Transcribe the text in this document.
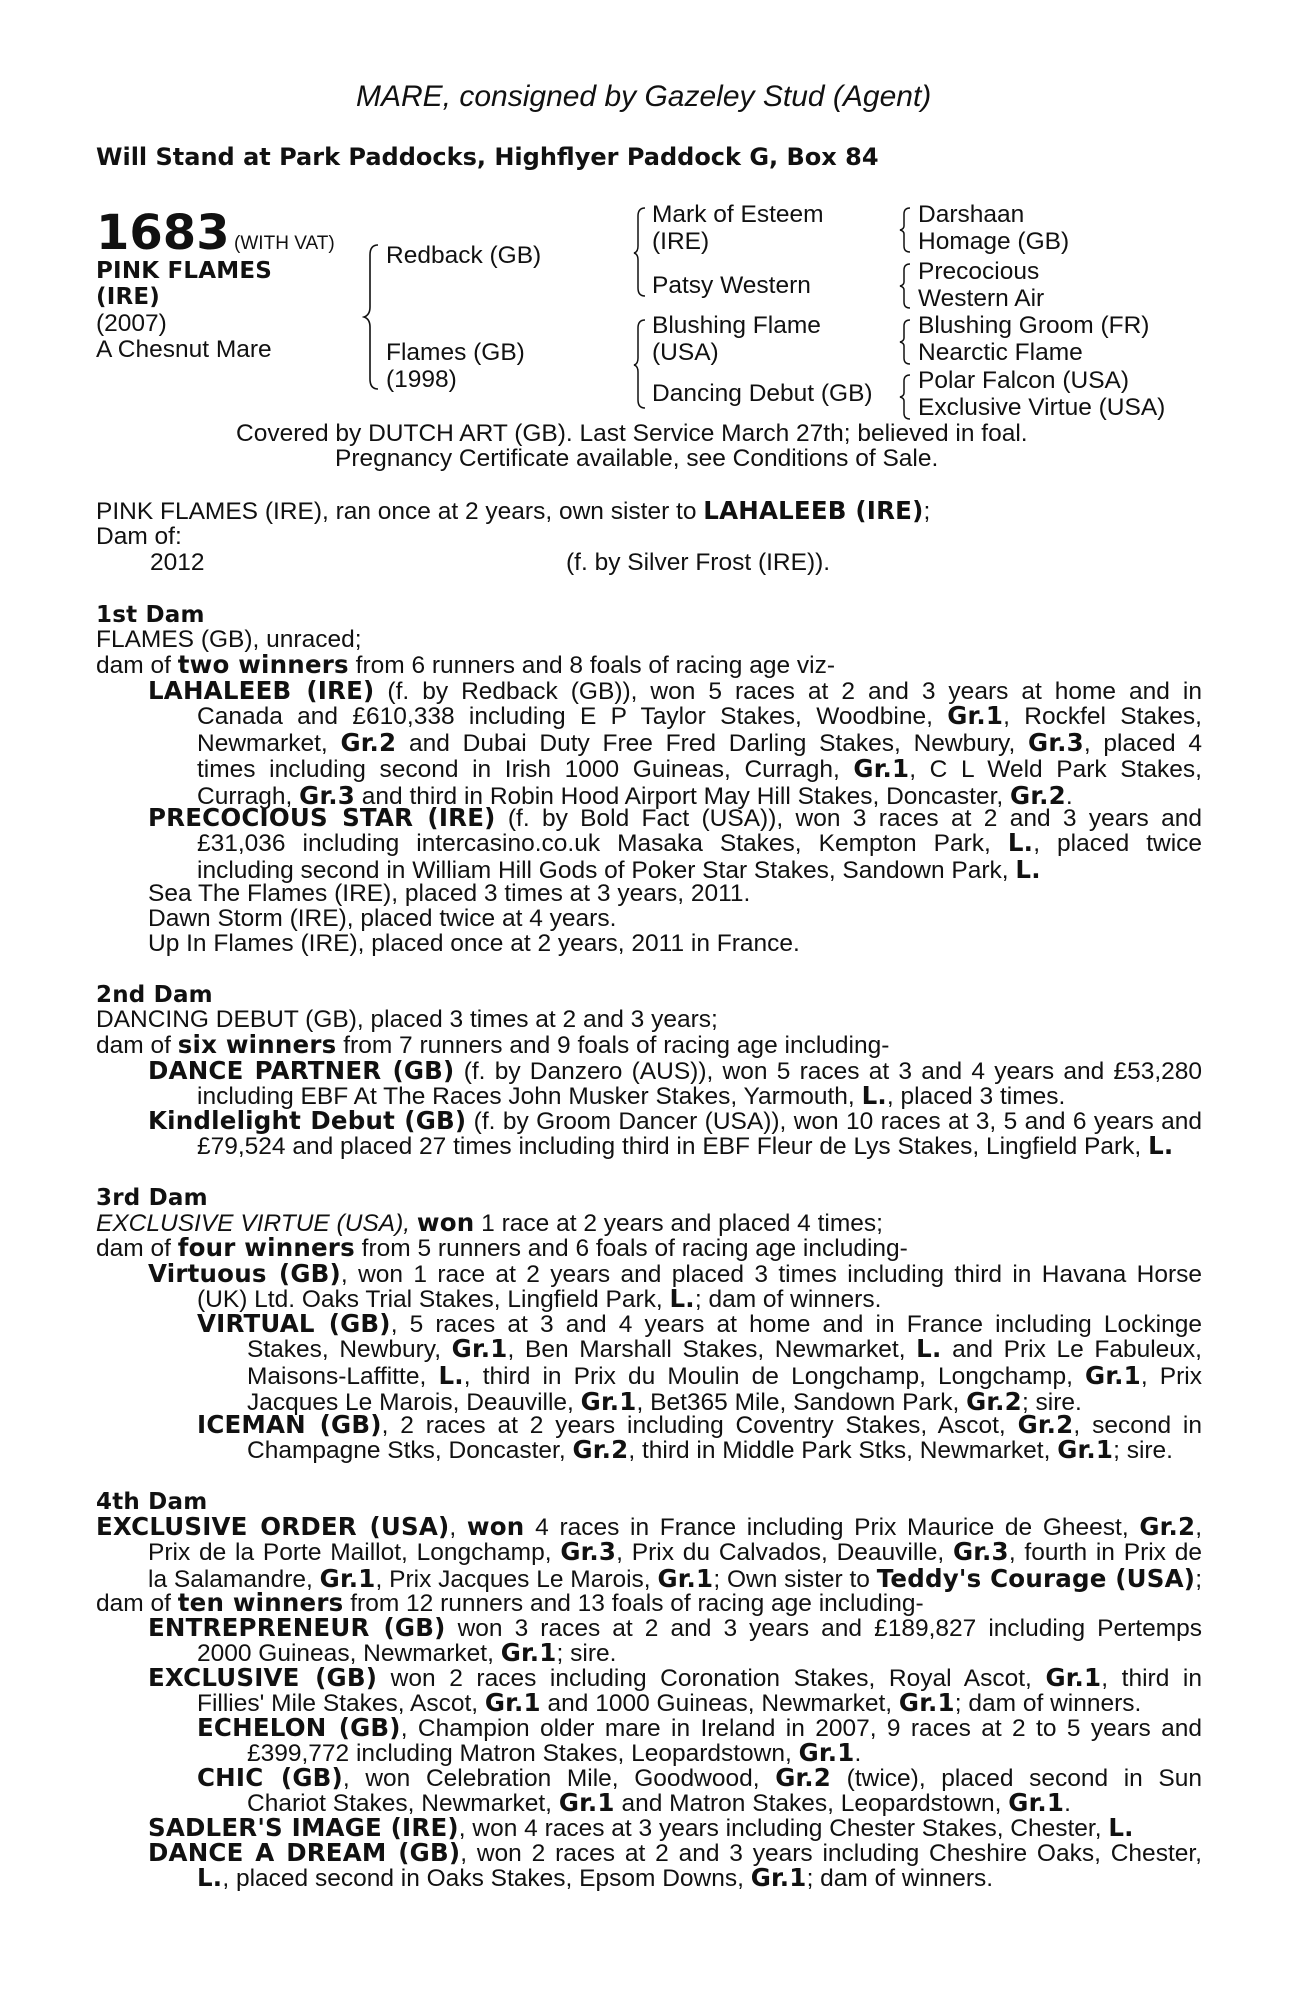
MARE, consigned by Gazeley Stud (Agent)
Will Stand at Park Paddocks, Highflyer Paddock G, Box 84
1683 (WITH VAT)
PINK FLAMES
(IRE)
(2007)
A Chesnut Mare
Redback (GB)
Flames (GB)
(1998)
Mark of Esteem
(IRE)
Patsy Western
Blushing Flame
(USA)
Dancing Debut (GB)
Darshaan
Homage (GB)
Precocious
Western Air
Blushing Groom (FR)
Nearctic Flame
Polar Falcon (USA)
Exclusive Virtue (USA)
Covered by DUTCH ART (GB). Last Service March 27th; believed in foal.
Pregnancy Certificate available, see Conditions of Sale.
PINK FLAMES (IRE), ran once at 2 years, own sister to LAHALEEB (IRE);
Dam of:
2012	(f. by Silver Frost (IRE)).
1st Dam
FLAMES (GB), unraced;
dam of two winners from 6 runners and 8 foals of racing age viz-
LAHALEEB (IRE) (f. by Redback (GB)), won 5 races at 2 and 3 years at home and in
Canada and £610,338 including E P Taylor Stakes, Woodbine, Gr.1, Rockfel Stakes,
Newmarket, Gr.2 and Dubai Duty Free Fred Darling Stakes, Newbury, Gr.3, placed 4
times including second in Irish 1000 Guineas, Curragh, Gr.1, C L Weld Park Stakes,
Curragh, Gr.3 and third in Robin Hood Airport May Hill Stakes, Doncaster, Gr.2.
PRECOCIOUS STAR (IRE) (f. by Bold Fact (USA)), won 3 races at 2 and 3 years and
£31,036 including intercasino.co.uk Masaka Stakes, Kempton Park, L., placed twice
including second in William Hill Gods of Poker Star Stakes, Sandown Park, L.
Sea The Flames (IRE), placed 3 times at 3 years, 2011.
Dawn Storm (IRE), placed twice at 4 years.
Up In Flames (IRE), placed once at 2 years, 2011 in France.
2nd Dam
DANCING DEBUT (GB), placed 3 times at 2 and 3 years;
dam of six winners from 7 runners and 9 foals of racing age including-
DANCE PARTNER (GB) (f. by Danzero (AUS)), won 5 races at 3 and 4 years and £53,280
including EBF At The Races John Musker Stakes, Yarmouth, L., placed 3 times.
Kindlelight Debut (GB) (f. by Groom Dancer (USA)), won 10 races at 3, 5 and 6 years and
£79,524 and placed 27 times including third in EBF Fleur de Lys Stakes, Lingfield Park, L.
3rd Dam
EXCLUSIVE VIRTUE (USA), won 1 race at 2 years and placed 4 times;
dam of four winners from 5 runners and 6 foals of racing age including-
Virtuous (GB), won 1 race at 2 years and placed 3 times including third in Havana Horse
(UK) Ltd. Oaks Trial Stakes, Lingfield Park, L.; dam of winners.
VIRTUAL (GB), 5 races at 3 and 4 years at home and in France including Lockinge
Stakes, Newbury, Gr.1, Ben Marshall Stakes, Newmarket, L. and Prix Le Fabuleux,
Maisons-Laffitte, L., third in Prix du Moulin de Longchamp, Longchamp, Gr.1, Prix
Jacques Le Marois, Deauville, Gr.1, Bet365 Mile, Sandown Park, Gr.2; sire.
ICEMAN (GB), 2 races at 2 years including Coventry Stakes, Ascot, Gr.2, second in
Champagne Stks, Doncaster, Gr.2, third in Middle Park Stks, Newmarket, Gr.1; sire.
4th Dam
EXCLUSIVE ORDER (USA), won 4 races in France including Prix Maurice de Gheest, Gr.2,
Prix de la Porte Maillot, Longchamp, Gr.3, Prix du Calvados, Deauville, Gr.3, fourth in Prix de
la Salamandre, Gr.1, Prix Jacques Le Marois, Gr.1; Own sister to Teddy's Courage (USA);
dam of ten winners from 12 runners and 13 foals of racing age including-
ENTREPRENEUR (GB) won 3 races at 2 and 3 years and £189,827 including Pertemps
2000 Guineas, Newmarket, Gr.1; sire.
EXCLUSIVE (GB) won 2 races including Coronation Stakes, Royal Ascot, Gr.1, third in
Fillies' Mile Stakes, Ascot, Gr.1 and 1000 Guineas, Newmarket, Gr.1; dam of winners.
ECHELON (GB), Champion older mare in Ireland in 2007, 9 races at 2 to 5 years and
£399,772 including Matron Stakes, Leopardstown, Gr.1.
CHIC (GB), won Celebration Mile, Goodwood, Gr.2 (twice), placed second in Sun
Chariot Stakes, Newmarket, Gr.1 and Matron Stakes, Leopardstown, Gr.1.
SADLER'S IMAGE (IRE), won 4 races at 3 years including Chester Stakes, Chester, L.
DANCE A DREAM (GB), won 2 races at 2 and 3 years including Cheshire Oaks, Chester,
L., placed second in Oaks Stakes, Epsom Downs, Gr.1; dam of winners.
